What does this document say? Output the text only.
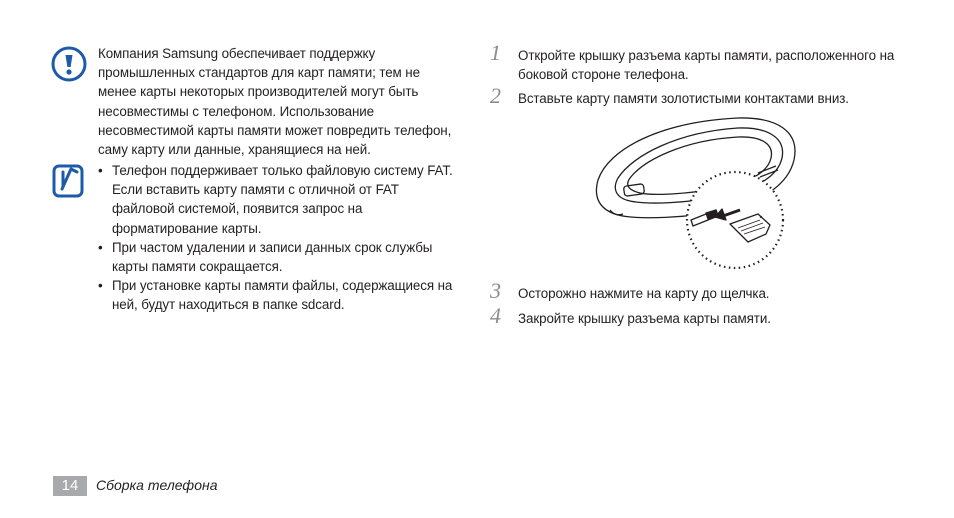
Компания Samsung обеспечивает поддержку промышленных стандартов для карт памяти; тем не менее карты некоторых производителей могут быть несовместимы с телефоном. Использование несовместимой карты памяти может повредить телефон, саму карту или данные, хранящиеся на ней.

• Телефон поддерживает только файловую систему FAT. Если вставить карту памяти с отличной от FAT файловой системой, появится запрос на форматирование карты.
• При частом удалении и записи данных срок службы карты памяти сокращается.
• При установке карты памяти файлы, содержащиеся на ней, будут находиться в папке sdcard.
1	Откройте крышку разъема карты памяти, расположенного на боковой стороне телефона.
2	Вставьте карту памяти золотистыми контактами вниз.
3	Осторожно нажмите на карту до щелчка.
4	Закройте крышку разъема карты памяти.
14	Сборка телефона
